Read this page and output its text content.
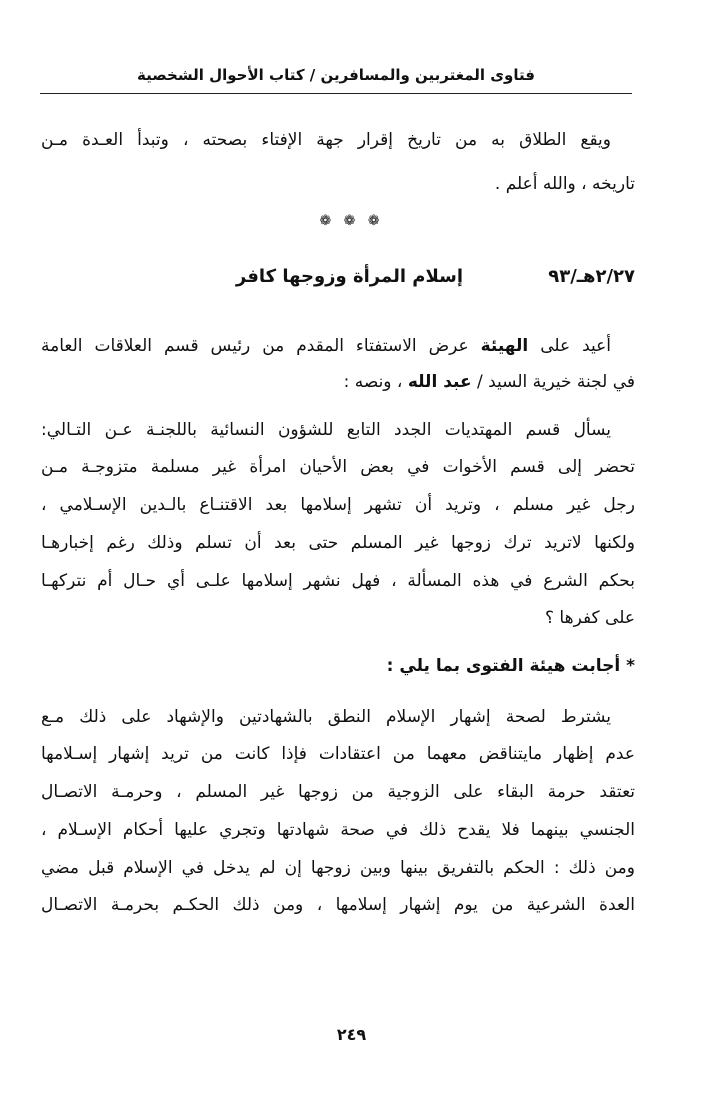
فتاوى المغتربين والمسافرين / كتاب الأحوال الشخصية
ويقع الطلاق به من تاريخ إقرار جهة الإفتاء بصحته ، وتبدأ العـدة مـن
تاريخه ، والله أعلم .
❁ ❁ ❁
٢/٢٧هـ/٩٣
إسلام المرأة وزوجها كافر
أعيد على الهيئة عرض الاستفتاء المقدم من رئيس قسم العلاقات العامة
في لجنة خيرية السيد / عبد الله ، ونصه :
يسأل قسم المهتديات الجدد التابع للشؤون النسائية باللجنـة عـن التـالي:
تحضر إلى قسم الأخوات في بعض الأحيان امرأة غير مسلمة متزوجـة مـن
رجل غير مسلم ، وتريد أن تشهر إسلامها بعد الاقتنـاع بالـدين الإسـلامي ،
ولكنها لاتريد ترك زوجها غير المسلم حتى بعد أن تسلم وذلك رغم إخبارهـا
بحكم الشرع في هذه المسألة ، فهل نشهر إسلامها علـى أي حـال أم نتركهـا
على كفرها ؟
* أجابت هيئة الفتوى بما يلي :
يشترط لصحة إشهار الإسلام النطق بالشهادتين والإشهاد على ذلك مـع
عدم إظهار مايتناقض معهما من اعتقادات فإذا كانت من تريد إشهار إسـلامها
تعتقد حرمة البقاء على الزوجية من زوجها غير المسلم ، وحرمـة الاتصـال
الجنسي بينهما فلا يقدح ذلك في صحة شهادتها وتجري عليها أحكام الإسـلام ،
ومن ذلك : الحكم بالتفريق بينها وبين زوجها إن لم يدخل في الإسلام قبل مضي
العدة الشرعية من يوم إشهار إسلامها ، ومن ذلك الحكـم بحرمـة الاتصـال
٢٤٩
